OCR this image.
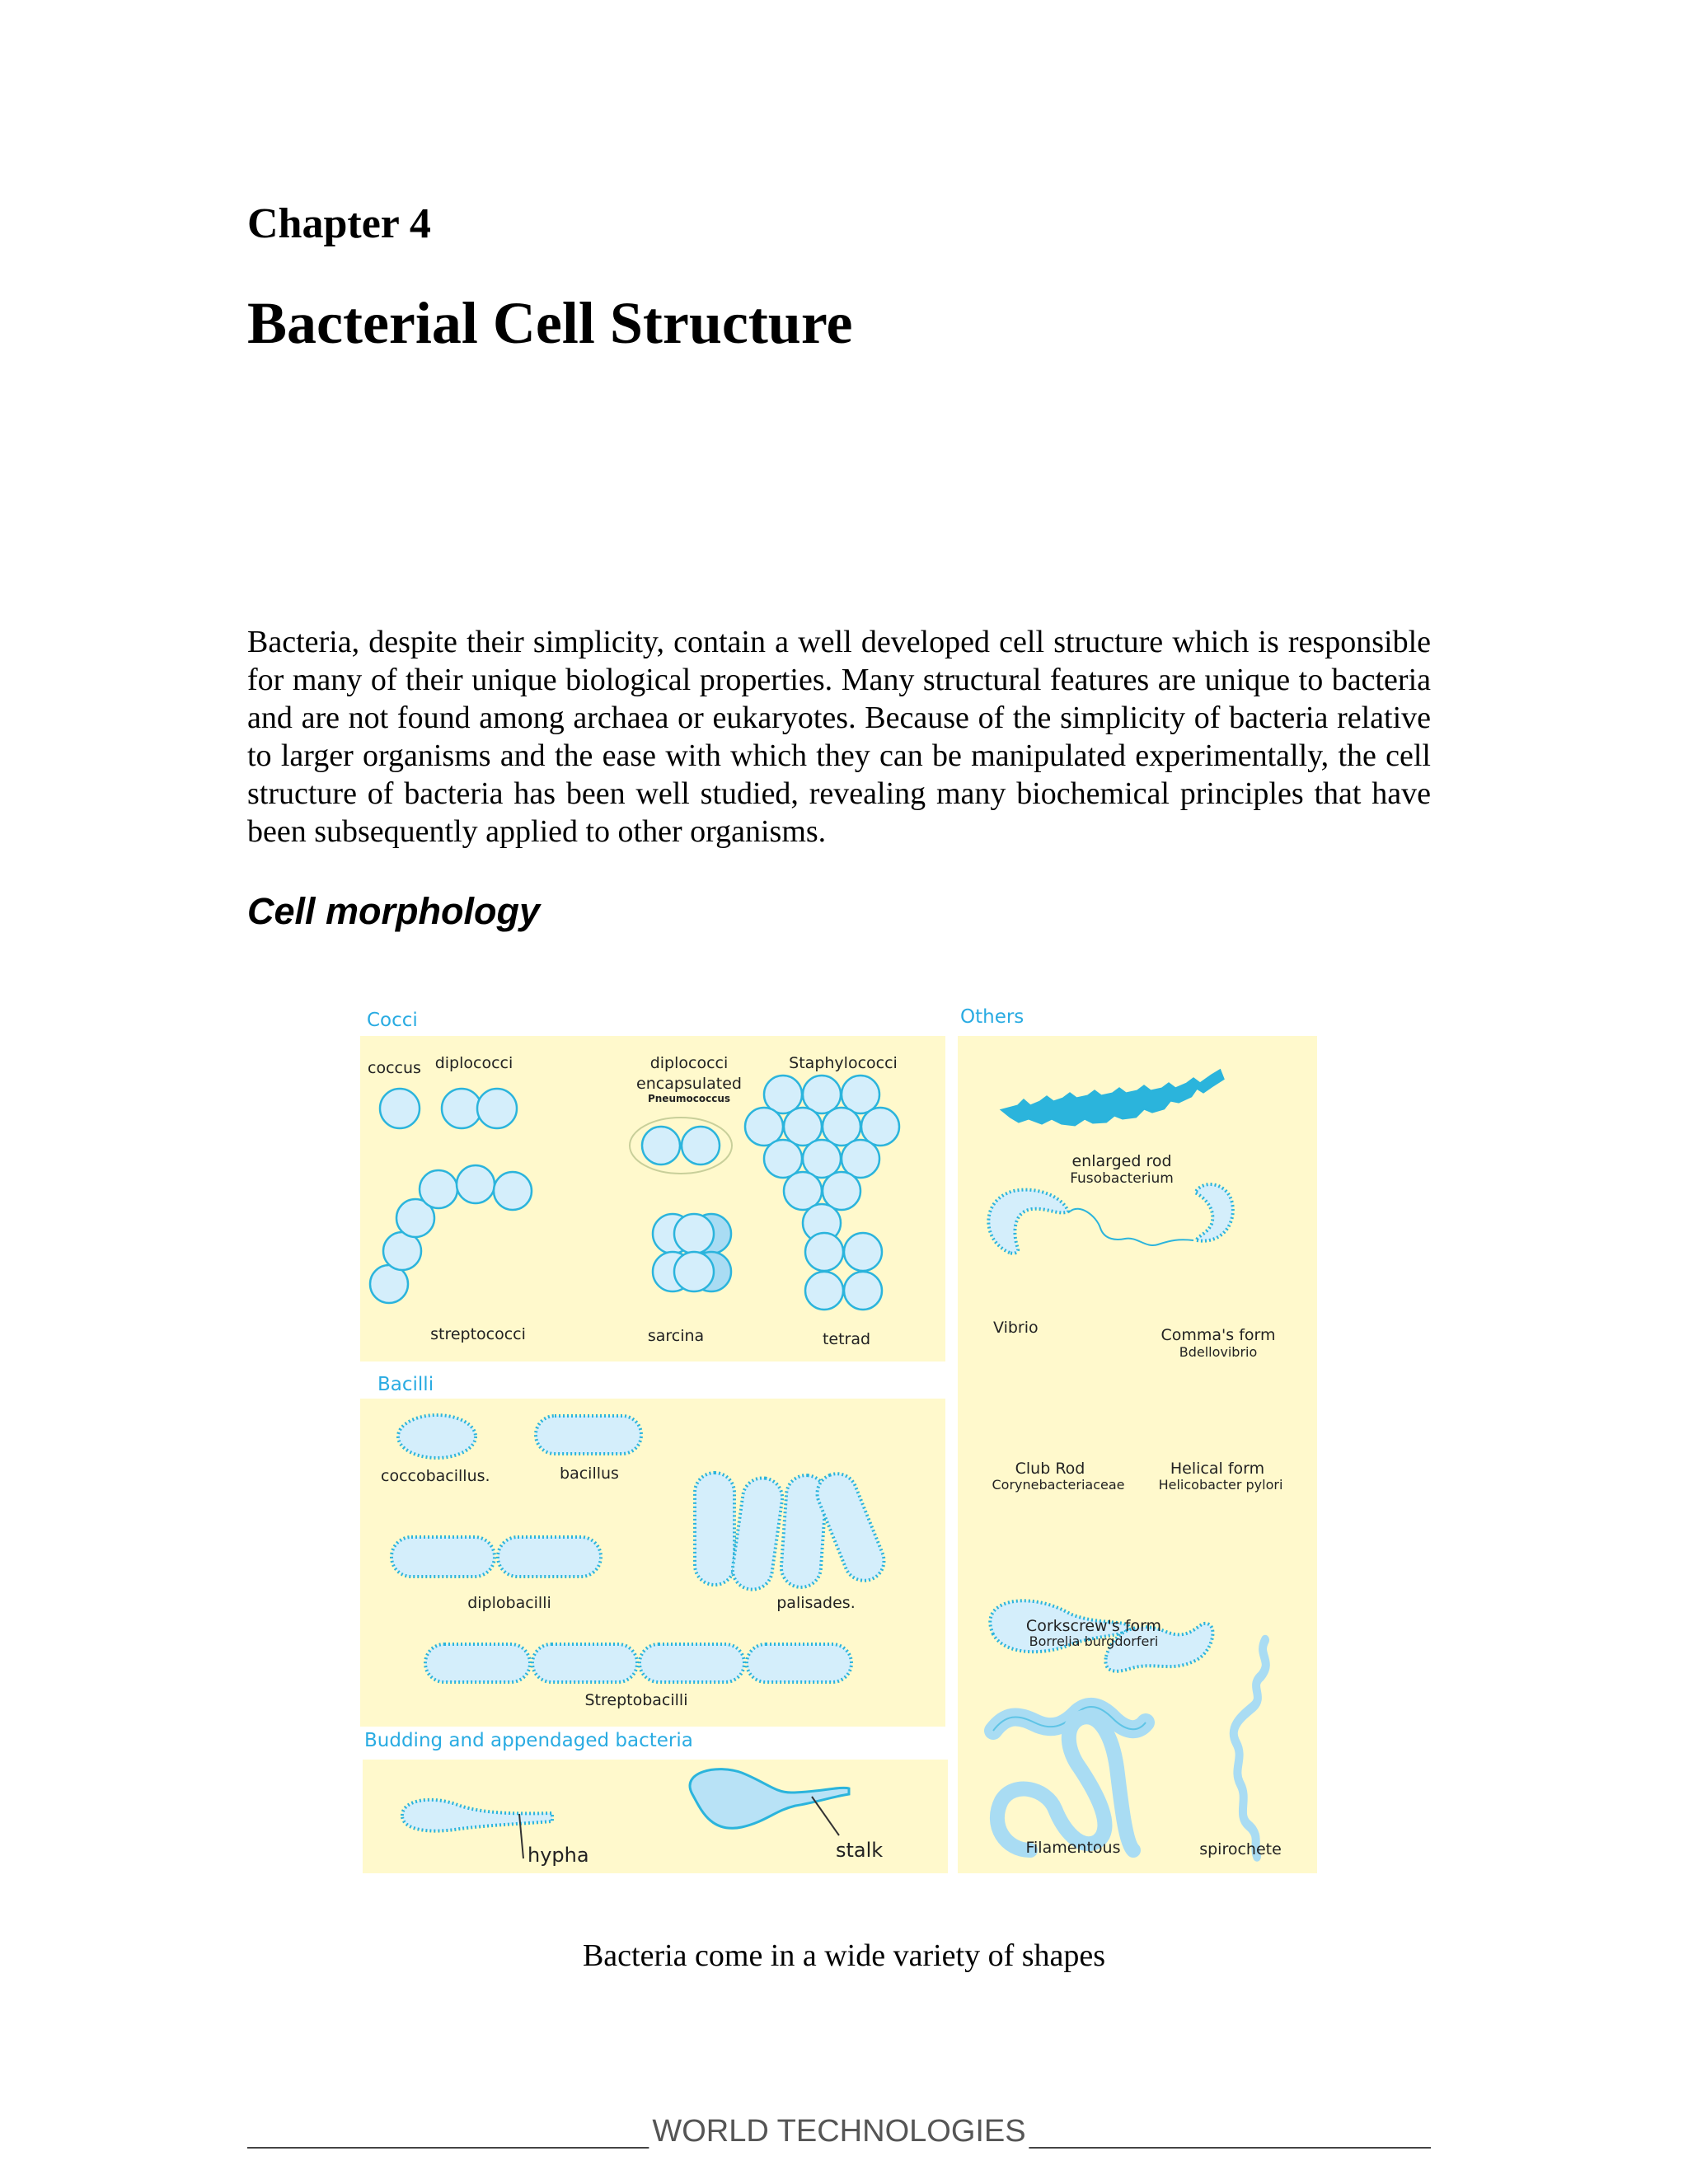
Chapter 4
Bacterial Cell Structure
Bacteria, despite their simplicity, contain a well developed cell structure which is responsible for many of their unique biological properties. Many structural features are unique to bacteria and are not found among archaea or eukaryotes. Because of the simplicity of bacteria relative to larger organisms and the ease with which they can be manipulated experimentally, the cell structure of bacteria has been well studied, revealing many biochemical principles that have been subsequently applied to other organisms.
Cell morphology
Cocci	Others
Bacilli
Budding and appendaged bacteria
coccus diplococci	diplococci
encapsulated
Pneumococcus
Staphylococci
streptococci	sarcina	tetrad
coccobacillus.	bacillus
diplobacilli	palisades.
Streptobacilli
hypha	stalk
enlarged rod
Fusobacterium
Vibrio	Comma's form
Bdellovibrio
Club Rod
Corynebacteriaceae
Helical form
Helicobacter pylori
Corkscrew's form
Borrelia burgdorferi
Filamentous	spirochete
Bacteria come in a wide variety of shapes
WORLD TECHNOLOGIES
